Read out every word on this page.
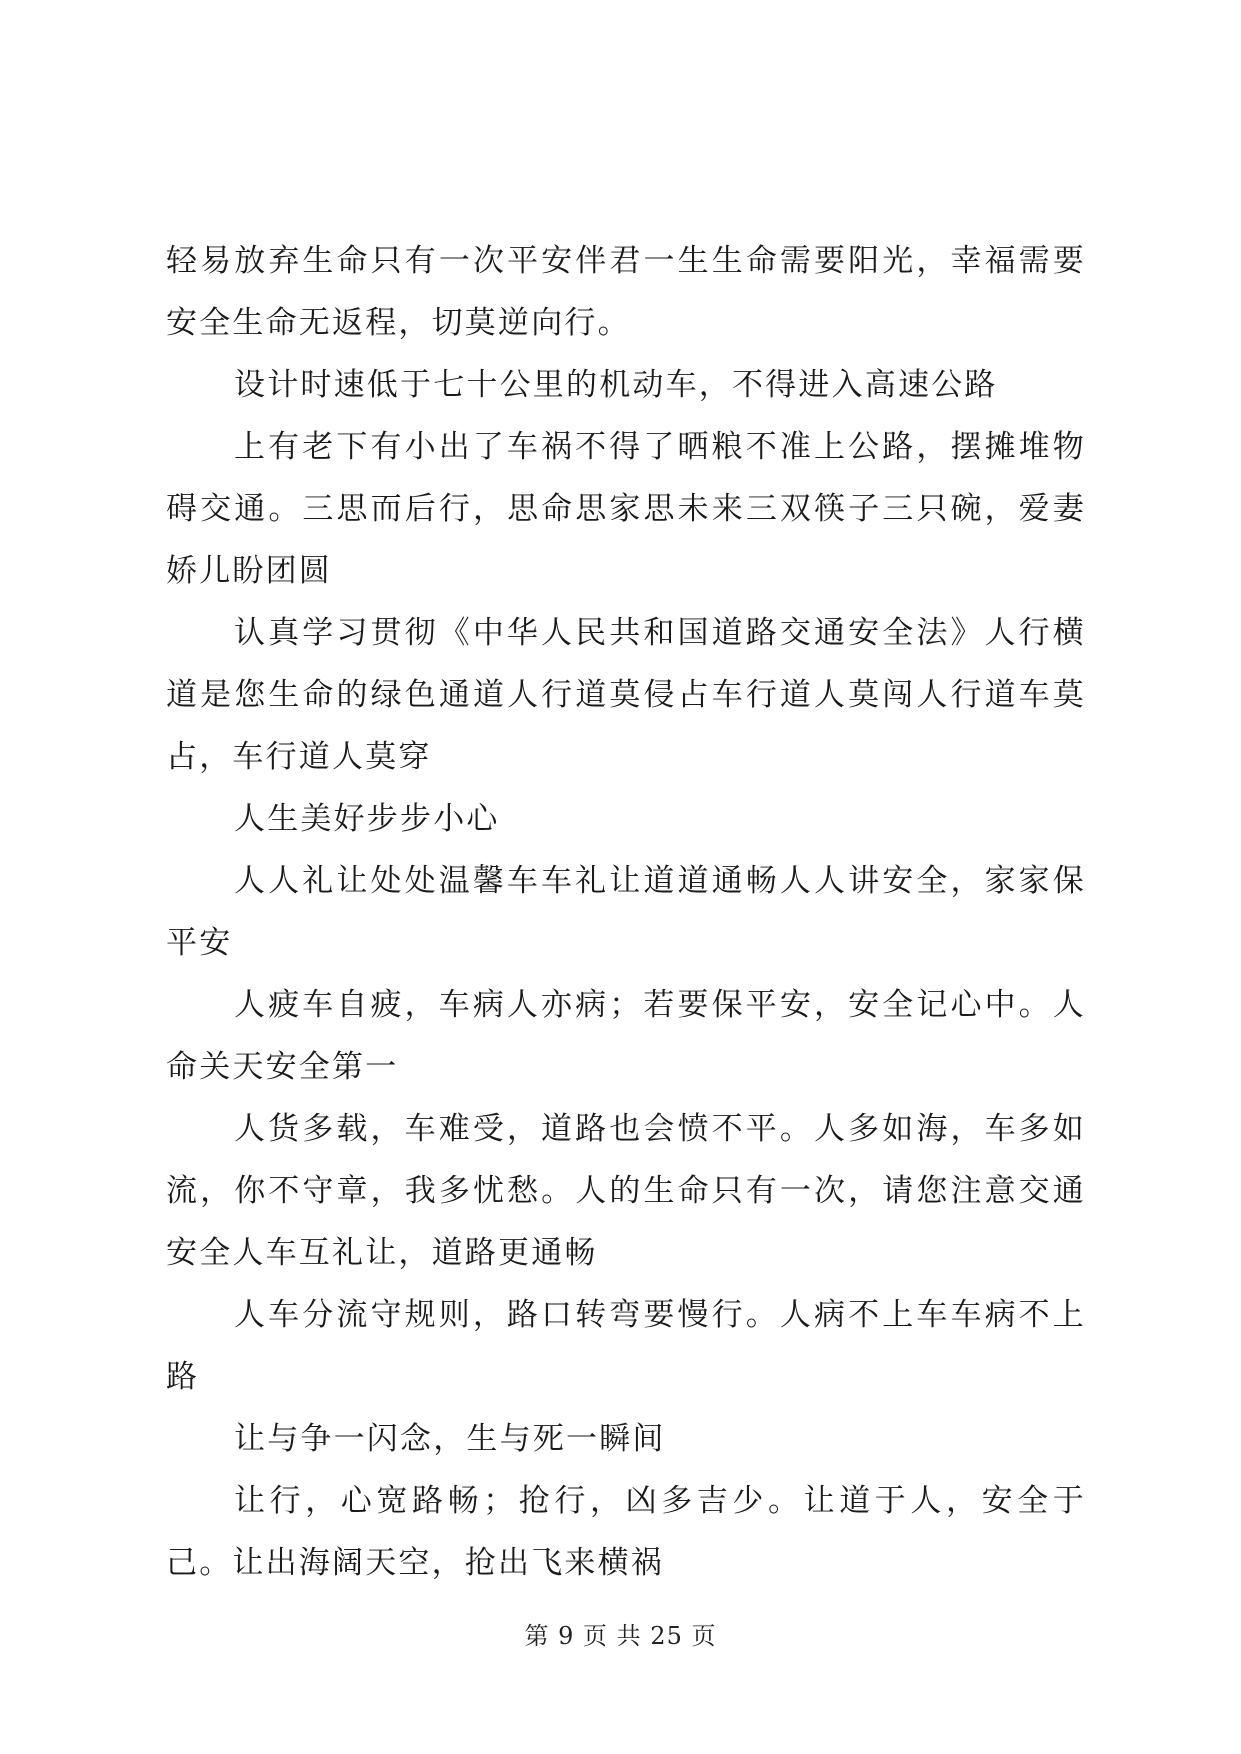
轻易放弃生命只有一次平安伴君一生生命需要阳光，幸福需要安全生命无返程，切莫逆向行。

设计时速低于七十公里的机动车，不得进入高速公路

上有老下有小出了车祸不得了晒粮不准上公路，摆摊堆物碍交通。三思而后行，思命思家思未来三双筷子三只碗，爱妻娇儿盼团圆

认真学习贯彻《中华人民共和国道路交通安全法》人行横道是您生命的绿色通道人行道莫侵占车行道人莫闯人行道车莫占，车行道人莫穿

人生美好步步小心

人人礼让处处温馨车车礼让道道通畅人人讲安全，家家保平安

人疲车自疲，车病人亦病；若要保平安，安全记心中。人命关天安全第一

人货多载，车难受，道路也会愤不平。人多如海，车多如流，你不守章，我多忧愁。人的生命只有一次，请您注意交通安全人车互礼让，道路更通畅

人车分流守规则，路口转弯要慢行。人病不上车车病不上路

让与争一闪念，生与死一瞬间

让行，心宽路畅；抢行，凶多吉少。让道于人，安全于己。让出海阔天空，抢出飞来横祸

第 9 页 共 25 页
